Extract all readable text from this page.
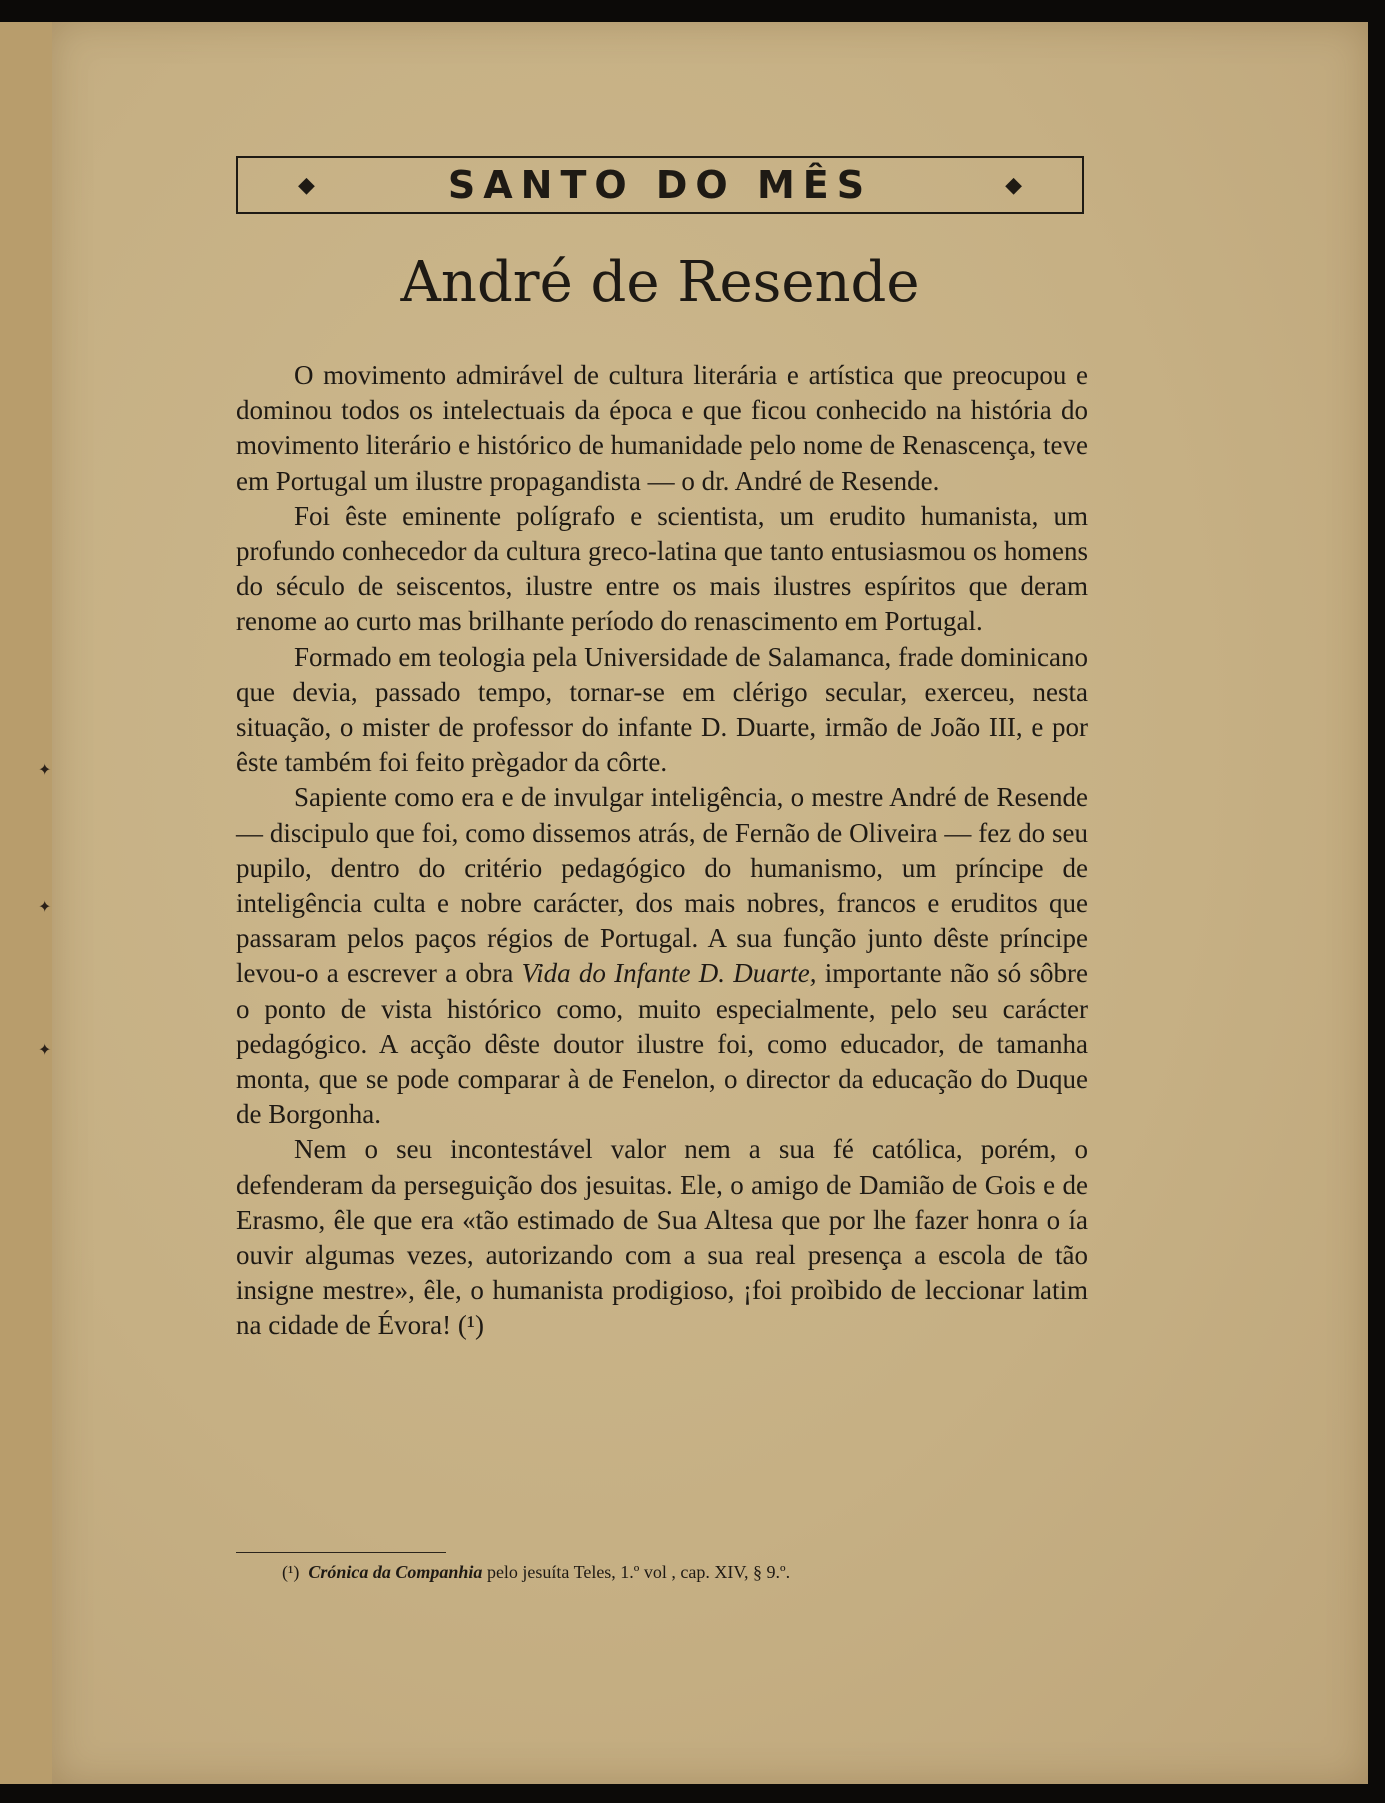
✦
✦
✦
◆	SANTO DO MÊS	◆
André de Resende

O movimento admirável de cultura literária e artística que preocupou e dominou todos os intelectuais da época e que ficou conhecido na história do movimento literário e histórico de humanidade pelo nome de Renascença, teve em Portugal um ilustre propagandista — o dr. André de Resende.

Foi êste eminente polígrafo e scientista, um erudito humanista, um profundo conhecedor da cultura greco-latina que tanto entusiasmou os homens do século de seiscentos, ilustre entre os mais ilustres espíritos que deram renome ao curto mas brilhante período do renascimento em Portugal.

Formado em teologia pela Universidade de Salamanca, frade dominicano que devia, passado tempo, tornar-se em clérigo secular, exerceu, nesta situação, o mister de professor do infante D. Duarte, irmão de João III, e por êste também foi feito prègador da côrte.

Sapiente como era e de invulgar inteligência, o mestre André de Resende — discipulo que foi, como dissemos atrás, de Fernão de Oliveira — fez do seu pupilo, dentro do critério pedagógico do humanismo, um príncipe de inteligência culta e nobre carácter, dos mais nobres, francos e eruditos que passaram pelos paços régios de Portugal. A sua função junto dêste príncipe levou-o a escrever a obra Vida do Infante D. Duarte, importante não só sôbre o ponto de vista histórico como, muito especialmente, pelo seu carácter pedagógico. A acção dêste doutor ilustre foi, como educador, de tamanha monta, que se pode comparar à de Fenelon, o director da educação do Duque de Borgonha.

Nem o seu incontestável valor nem a sua fé católica, porém, o defenderam da perseguição dos jesuitas. Ele, o amigo de Damião de Gois e de Erasmo, êle que era «tão estimado de Sua Altesa que por lhe fazer honra o ía ouvir algumas vezes, autorizando com a sua real presença a escola de tão insigne mestre», êle, o humanista prodigioso, ¡foi proìbido de leccionar latim na cidade de Évora! (¹)

(¹) Crónica da Companhia pelo jesuíta Teles, 1.º vol , cap. XIV, § 9.º.
